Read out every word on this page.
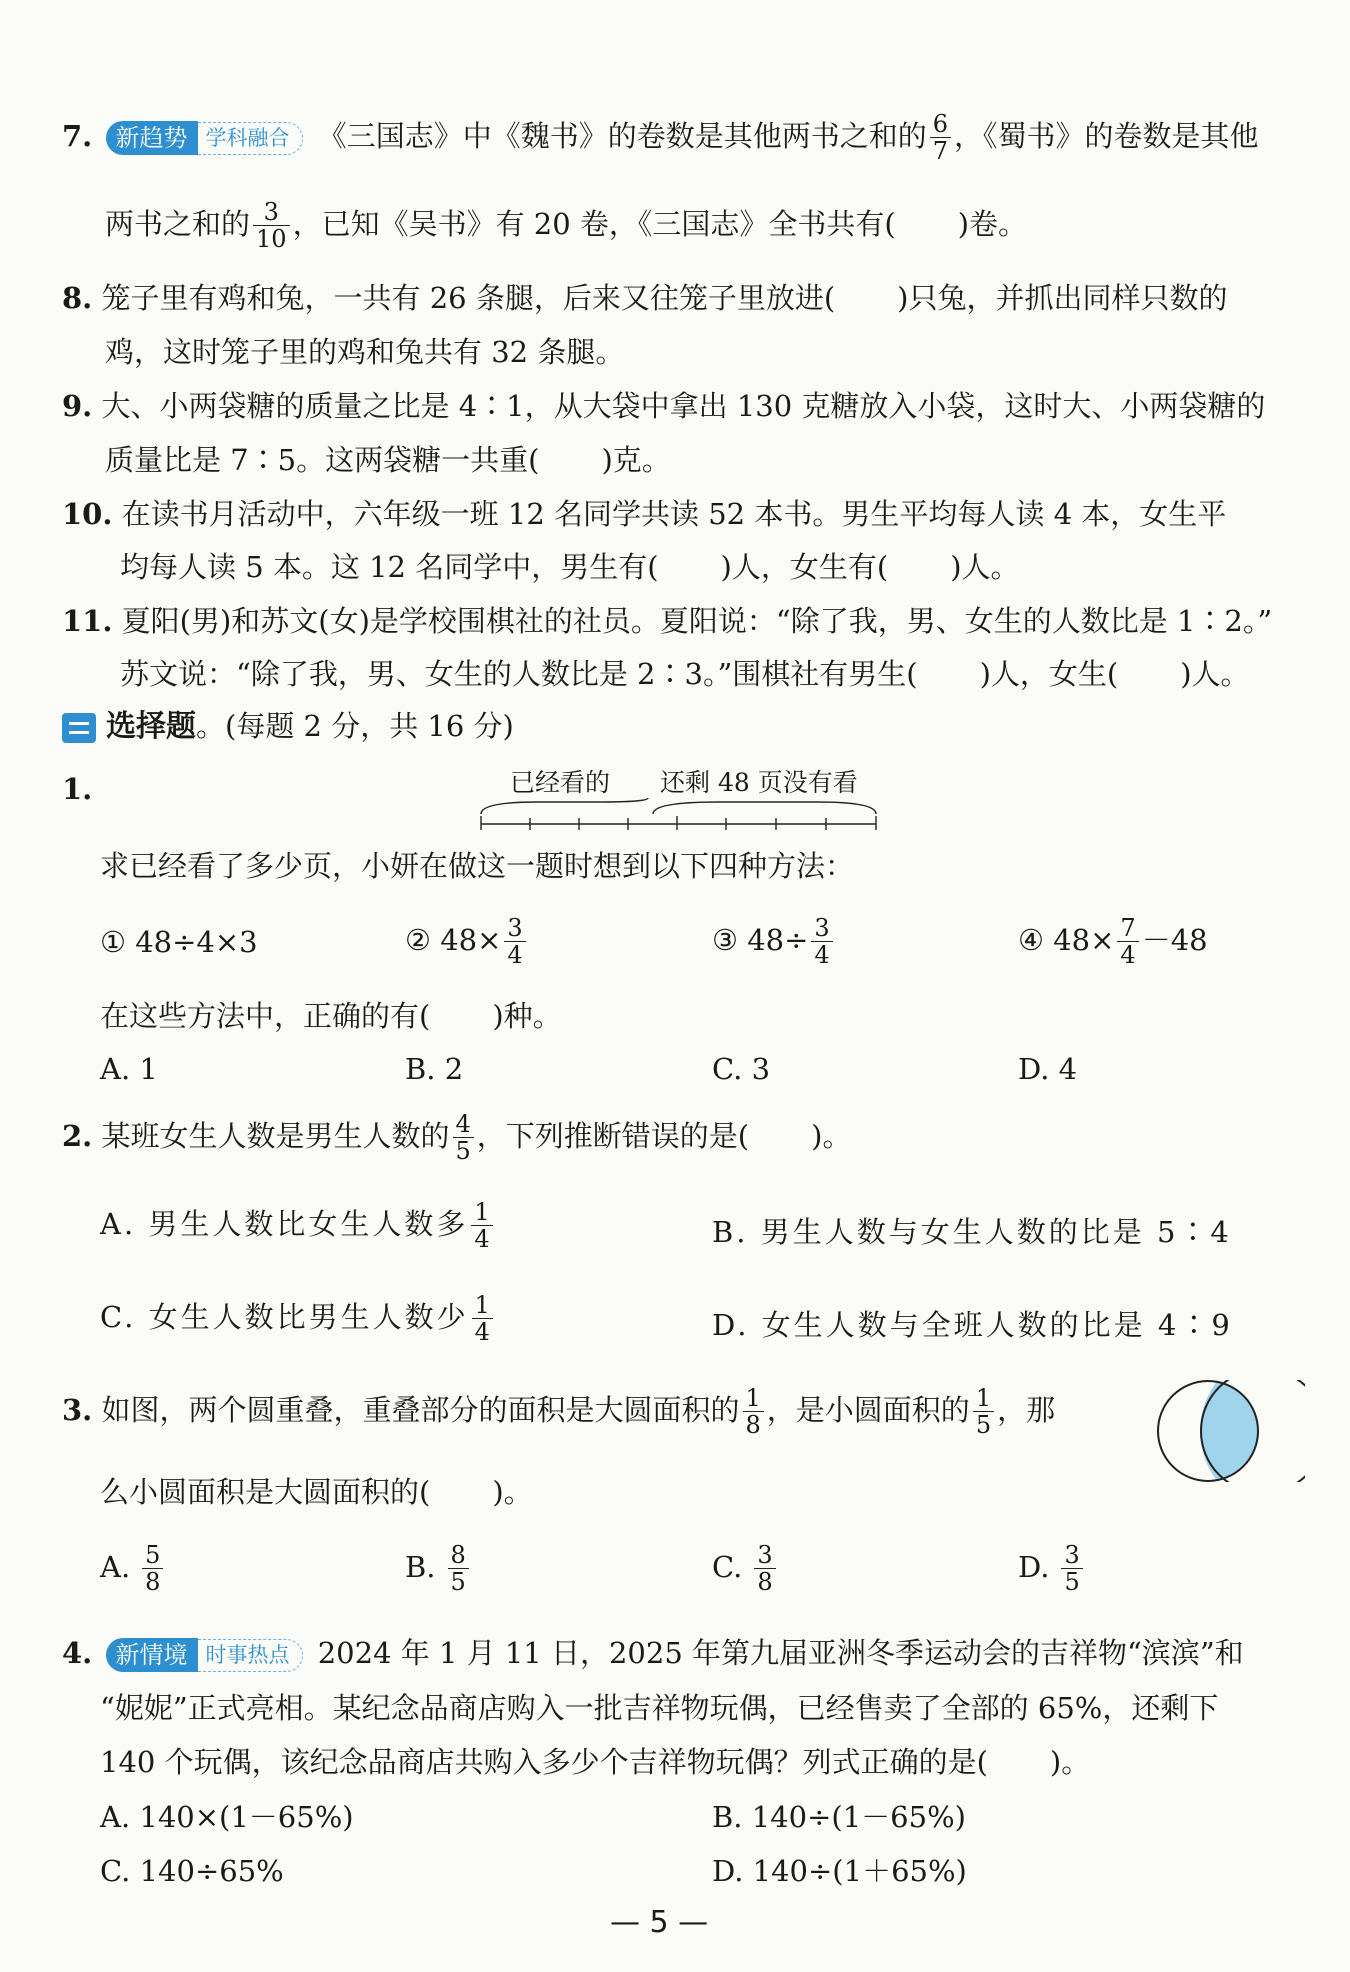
7. 新趋势 学科融合 《三国志》中《魏书》的卷数是其他两书之和的 $\frac{6}{7}$ ，《蜀书》的卷数是其他
两书之和的 $\frac{3}{10}$ ，已知《吴书》有 20 卷，《三国志》全书共有( )卷。
8. 笼子里有鸡和兔，一共有 26 条腿，后来又往笼子里放进( )只兔，并抓出同样只数的
鸡，这时笼子里的鸡和兔共有 32 条腿。
9. 大、小两袋糖的质量之比是 4∶1，从大袋中拿出 130 克糖放入小袋，这时大、小两袋糖的
质量比是 7∶5。这两袋糖一共重( )克。
10. 在读书月活动中，六年级一班 12 名同学共读 52 本书。男生平均每人读 4 本，女生平
均每人读 5 本。这 12 名同学中，男生有( )人，女生有( )人。
11. 夏阳(男)和苏文(女)是学校围棋社的社员。夏阳说：“除了我，男、女生的人数比是 1∶2。”
苏文说：“除了我，男、女生的人数比是 2∶3。”围棋社有男生( )人，女生( )人。
选择题。(每题 2 分，共 16 分)
1.	已经看的 还剩 48 页没有看
求已经看了多少页，小妍在做这一题时想到以下四种方法：
① 48÷4×3	② $48\times \frac{3}{4}$	③ $48\div \frac{3}{4}$	④ $48\times \frac{7}{4} -48$
在这些方法中，正确的有( )种。
A. 1	B. 2	C. 3	D. 4
2. 某班女生人数是男生人数的 $\frac{4}{5}$ ，下列推断错误的是( )。
A. 男生人数比女生人数多 $\frac{1}{4}$	B. 男生人数与女生人数的比是 5∶4
C. 女生人数比男生人数少 $\frac{1}{4}$	D. 女生人数与全班人数的比是 4∶9
3. 如图，两个圆重叠，重叠部分的面积是大圆面积的 $\frac{1}{8}$ ，是小圆面积的 $\frac{1}{5}$ ，那
么小圆面积是大圆面积的( )。
A. $\frac{5}{8}$	B. $\frac{8}{5}$	C. $\frac{3}{8}$	D. $\frac{3}{5}$
4. 新情境 时事热点 2024 年 1 月 11 日，2025 年第九届亚洲冬季运动会的吉祥物“滨滨”和
“妮妮”正式亮相。某纪念品商店购入一批吉祥物玩偶，已经售卖了全部的 65%，还剩下
140 个玩偶，该纪念品商店共购入多少个吉祥物玩偶？列式正确的是( )。
A. 140×(1－65%)	B. 140÷(1－65%)
C. 140÷65%	D. 140÷(1＋65%)
— 5 —
